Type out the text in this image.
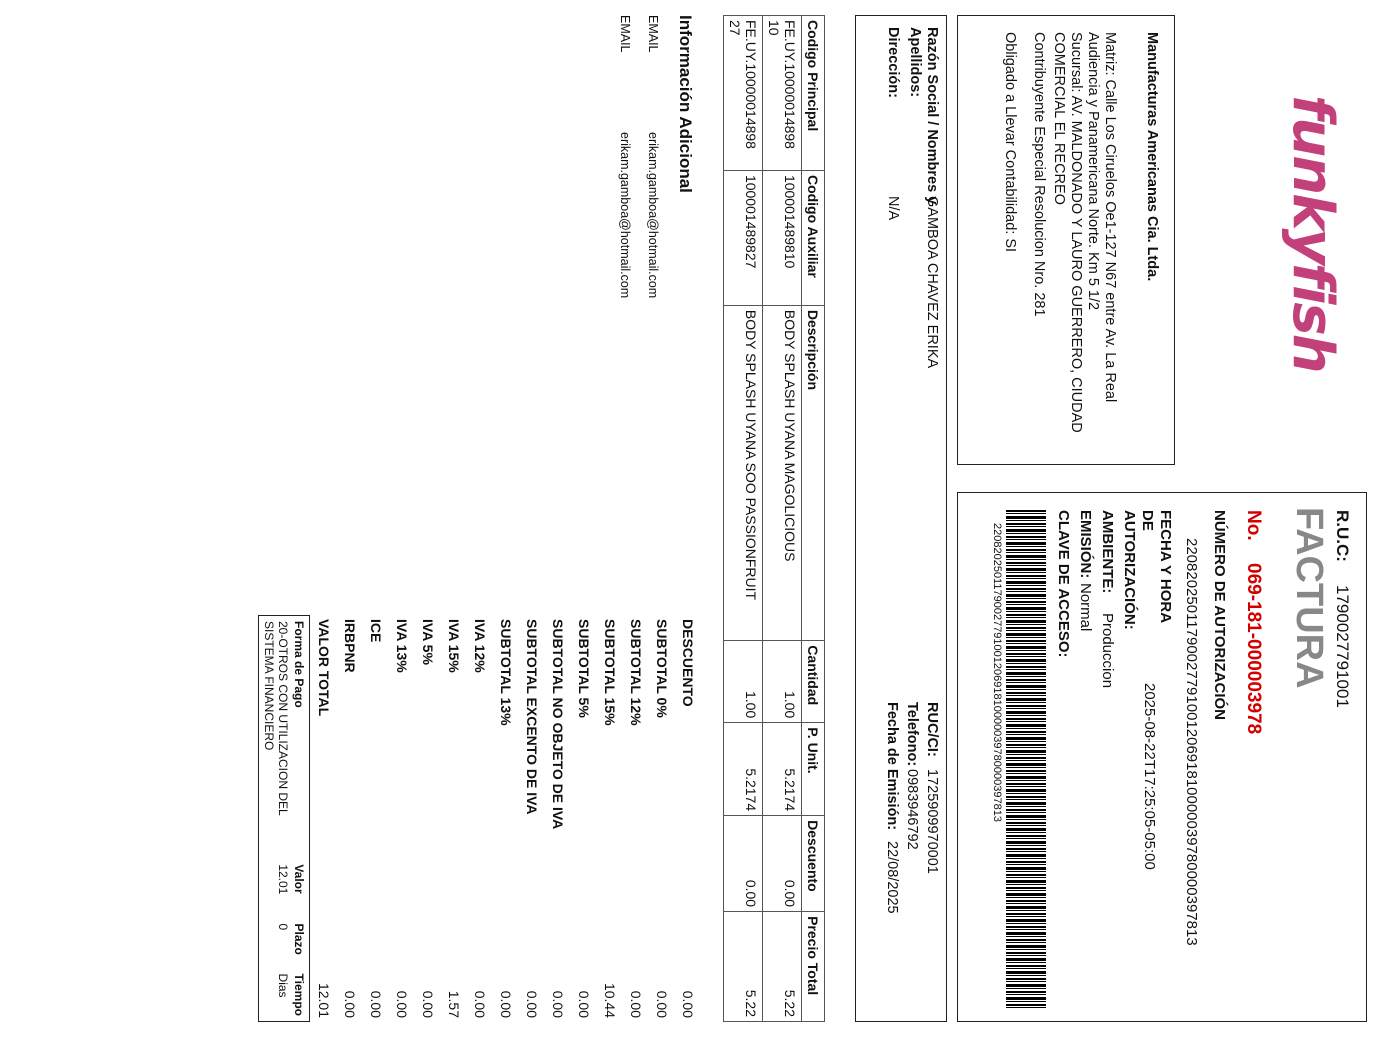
funkyfish
Manufacturas Americanas Cia. Ltda.
Matriz: Calle Los Ciruelos Oe1-127 N67 entre Av. La Real Audiencia y Panamericana Norte. Km 5 1/2
Sucursal: AV. MALDONADO Y LAURO GUERRERO, CIUDAD COMERCIAL EL RECREO
Contribuyente Especial Resolucion Nro. 281
Obligado a Llevar Contabilidad: SI
R.U.C:
1790027791001
FACTURA
No.
069-181-000003978
NÚMERO DE AUTORIZACIÓN
2208202501179002779100120691810000039780000397813
FECHA Y HORA DE AUTORIZACIÓN:
2025-08-22T17:25:05-05:00
AMBIENTE:
Produccion
EMISIÓN:
Normal
CLAVE DE ACCESO:
2208202501179002779100120691810000039780000397813
Razón Social / Nombres y Apellidos:
GAMBOA CHAVEZ ERIKA
Dirección:
N/A
RUC/CI:
1725909970001
Telefono:
0983946792
Fecha de Emisión:
22/08/2025
Codigo Principal	Codigo Auxiliar	Descripción	Cantidad	P. Unit.	Descuento	Precio Total
FE.UY.10000014898 10	100001489810	BODY SPLASH UYANA MAGOLICIOUS	1.00	5.2174	0.00	5.22
FE.UY.10000014898 27	100001489827	BODY SPLASH UYANA SOO PASSIONFRUIT	1.00	5.2174	0.00	5.22
Información Adicional
EMAIL
erikam.gamboa@hotmail.com
EMAIL
erikam.gamboa@hotmail.com
DESCUENTO	0.00
SUBTOTAL 0%	0.00
SUBTOTAL 12%	0.00
SUBTOTAL 15%	10.44
SUBTOTAL 5%	0.00
SUBTOTAL NO OBJETO DE IVA	0.00
SUBTOTAL EXCENTO DE IVA	0.00
SUBTOTAL 13%	0.00
IVA 12%	0.00
IVA 15%	1.57
IVA 5%	0.00
IVA 13%	0.00
ICE	0.00
IRBPNR	0.00
VALOR TOTAL	12.01
Forma de Pago	Valor	Plazo	Tiempo
20-OTROS CON UTILIZACION DEL SISTEMA FINANCIERO	12.01	0	Dias
